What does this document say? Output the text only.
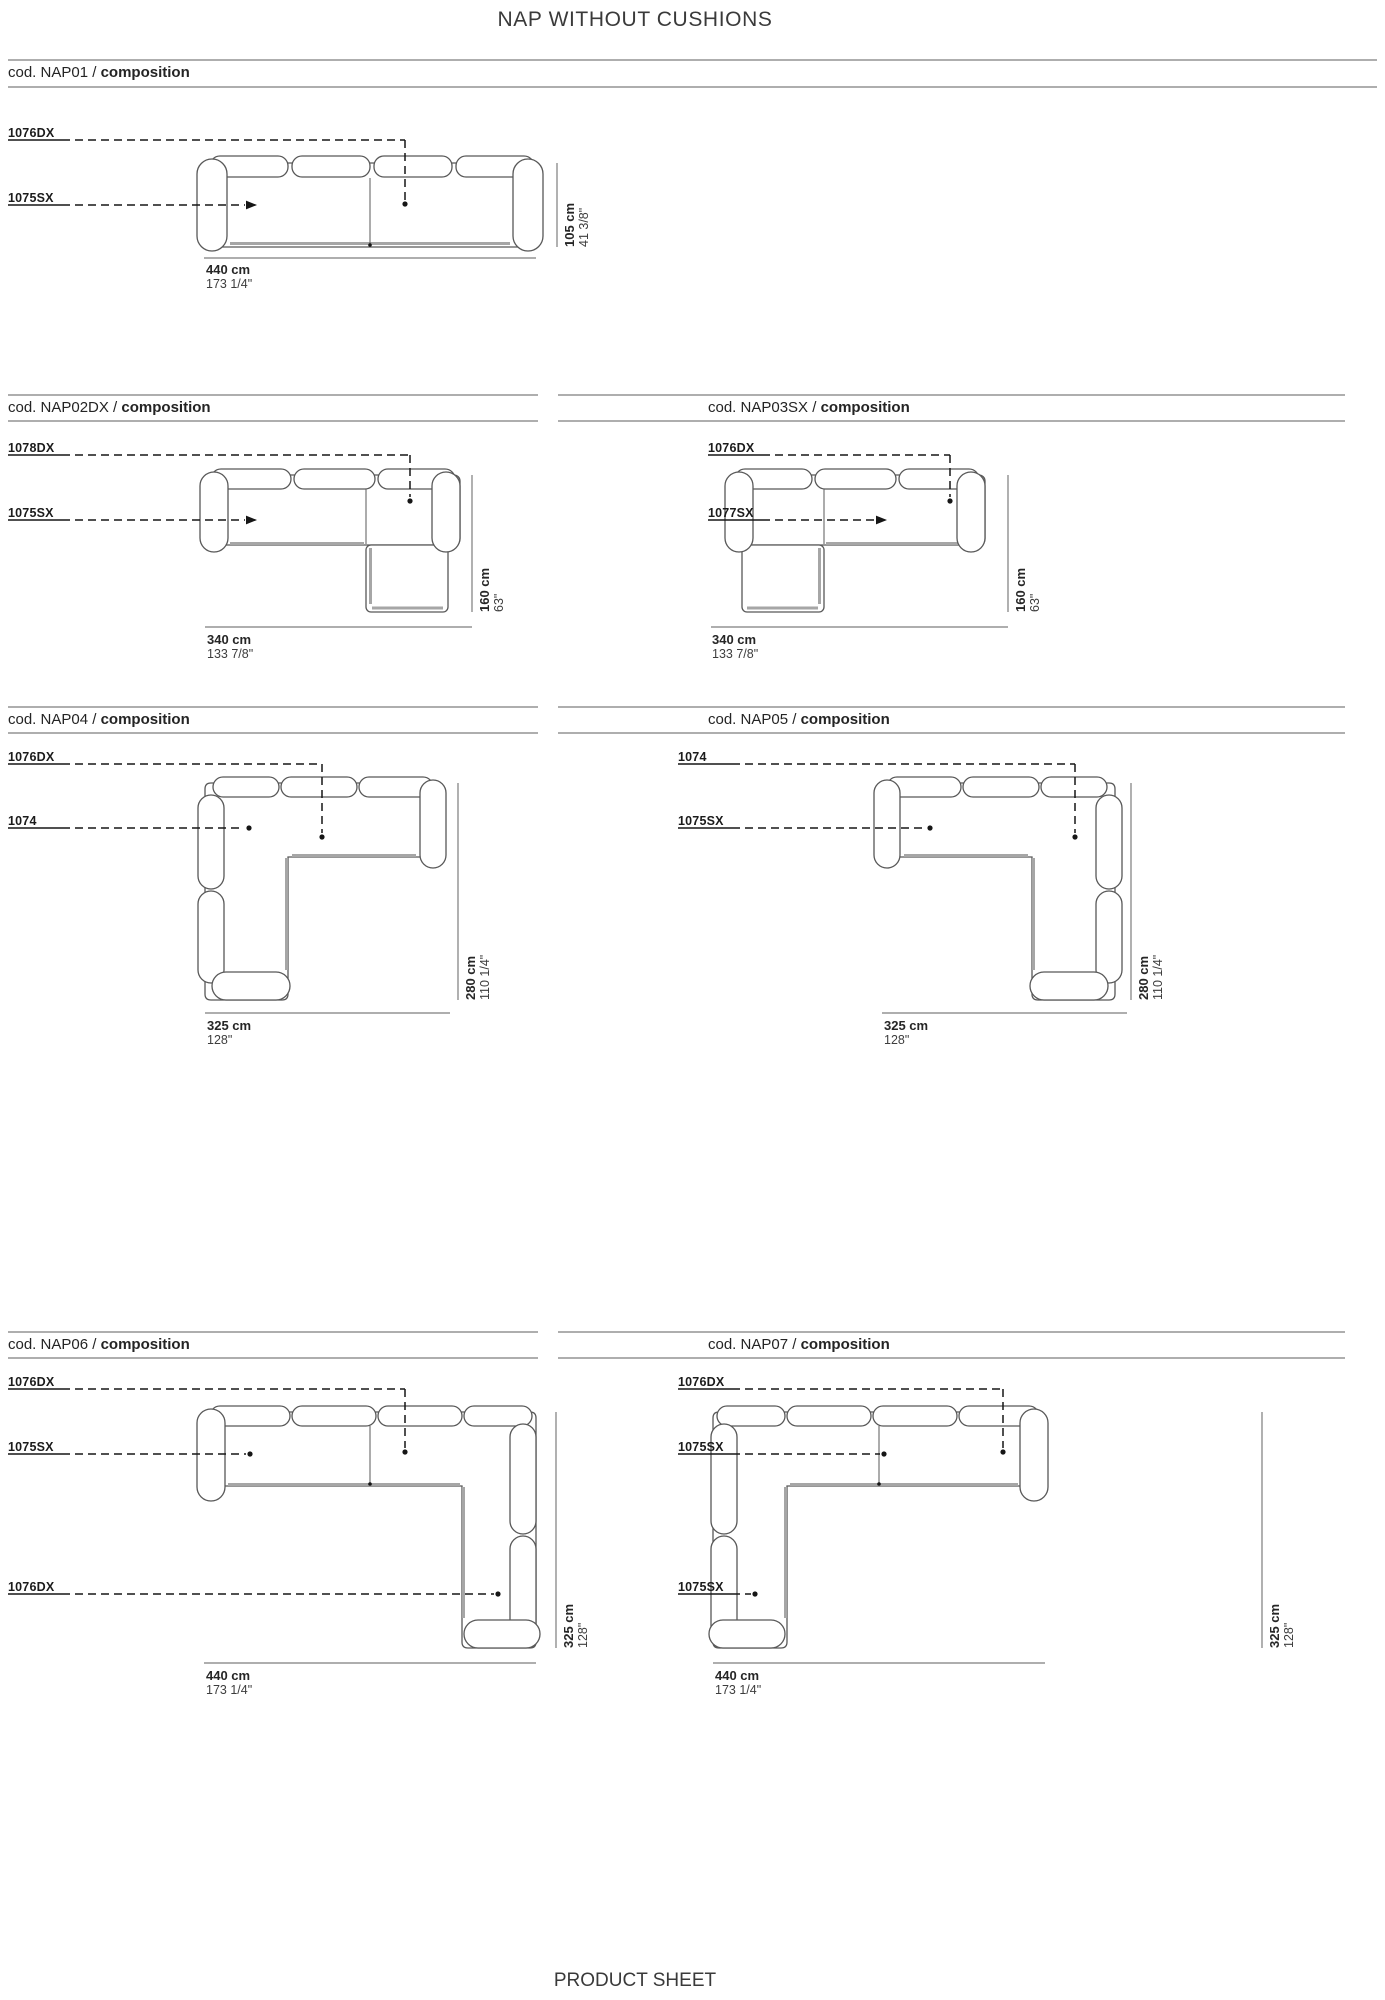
NAP WITHOUT CUSHIONS
cod. NAP01 / composition
1076DX
1075SX
105 cm 41 3/8"
440 cm
173 1/4"
cod. NAP02DX / composition
1078DX
1075SX
160 cm 63"
340 cm
133 7/8"
cod. NAP03SX / composition
1076DX
1077SX
160 cm 63"
340 cm
133 7/8"
cod. NAP04 / composition
1076DX
1074
280 cm 110 1/4"
325 cm
128"
cod. NAP05 / composition
1074
1075SX
280 cm 110 1/4"
325 cm
128"
cod. NAP06 / composition
1076DX
1075SX
1076DX
325 cm 128"
440 cm
173 1/4"
cod. NAP07 / composition
1076DX
1075SX
1075SX
325 cm 128"
440 cm
173 1/4"
PRODUCT SHEET
